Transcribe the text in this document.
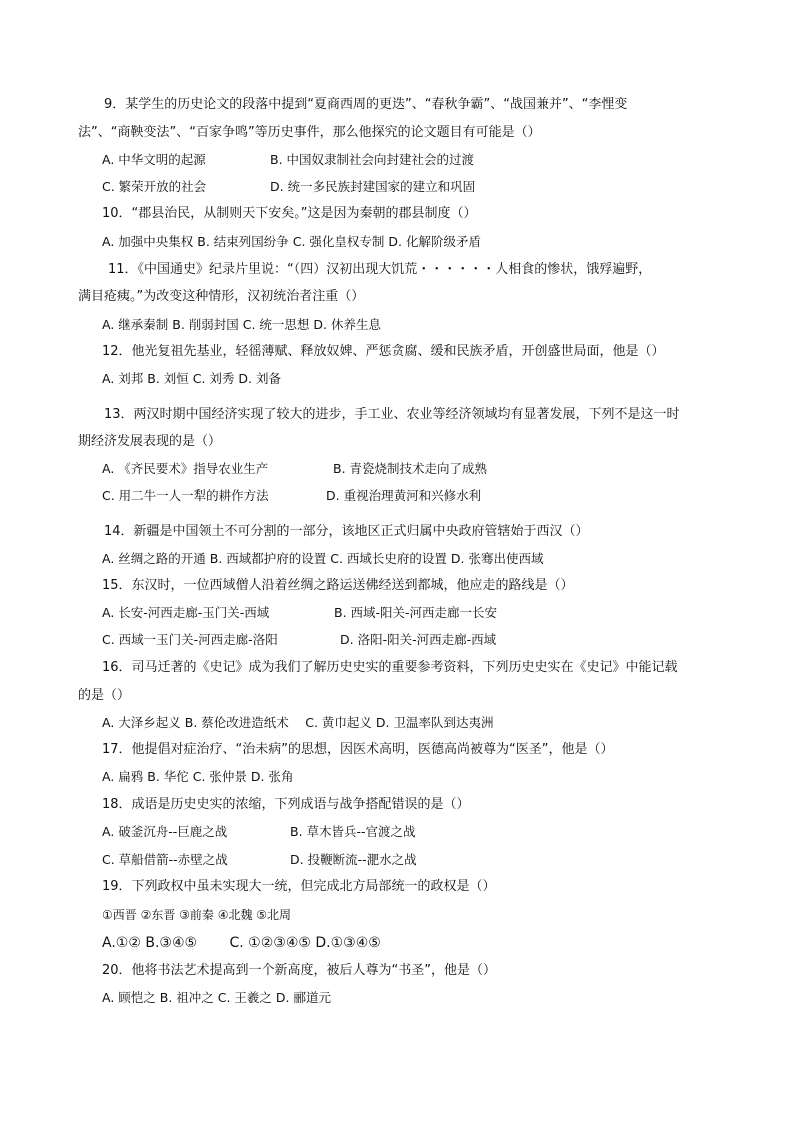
9．某学生的历史论文的段落中提到“夏商西周的更迭”、“春秋争霸”、“战国兼并”、“李悝变
法”、“商鞅变法”、“百家争鸣”等历史事件，那么他探究的论文题目有可能是（）
A. 中华文明的起源	B. 中国奴隶制社会向封建社会的过渡
C. 繁荣开放的社会	D. 统一多民族封建国家的建立和巩固
10．“郡县治民，从制则天下安矣。”这是因为秦朝的郡县制度（）
A. 加强中央集权 B. 结束列国纷争 C. 强化皇权专制 D. 化解阶级矛盾
11．《中国通史》纪录片里说：“（四）汉初出现大饥荒・・・・・・人相食的惨状，饿殍遍野，
满目疮痍。”为改变这种情形，汉初统治者注重（）
A. 继承秦制 B. 削弱封国 C. 统一思想 D. 休养生息
12．他光复祖先基业，轻徭薄赋、释放奴婢、严惩贪腐、缓和民族矛盾，开创盛世局面，他是（）
A. 刘邦 B. 刘恒 C. 刘秀 D. 刘备
13．两汉时期中国经济实现了较大的进步，手工业、农业等经济领域均有显著发展，下列不是这一时
期经济发展表现的是（）
A. 《齐民要术》指导农业生产	B. 青瓷烧制技术走向了成熟
C. 用二牛一人一犁的耕作方法	D. 重视治理黄河和兴修水利
14．新疆是中国领土不可分割的一部分，该地区正式归属中央政府管辖始于西汉（）
A. 丝绸之路的开通 B. 西域都护府的设置 C. 西域长史府的设置 D. 张骞出使西域
15．东汉时，一位西域僧人沿着丝绸之路运送佛经送到都城，他应走的路线是（）
A. 长安-河西走廊-玉门关-西域	B. 西域-阳关-河西走廊一长安
C. 西域一玉门关-河西走廊-洛阳	D. 洛阳-阳关-河西走廊-西域
16．司马迁著的《史记》成为我们了解历史史实的重要参考资料，下列历史史实在《史记》中能记载
的是（）
A. 大泽乡起义 B. 蔡伦改进造纸术　 C. 黄巾起义 D. 卫温率队到达夷洲
17．他提倡对症治疗、“治未病”的思想，因医术高明，医德高尚被尊为“医圣”，他是（）
A. 扁鸦 B. 华佗 C. 张仲景 D. 张角
18．成语是历史史实的浓缩，下列成语与战争搭配错误的是（）
A. 破釜沉舟--巨鹿之战	B. 草木皆兵--官渡之战
C. 草船借箭--赤壁之战	D. 投鞭断流--淝水之战
19．下列政权中虽未实现大一统，但完成北方局部统一的政权是（）
①西晋 ②东晋 ③前秦 ④北魏 ⑤北周
A.①② B.③④⑤　　 C. ①②③④⑤ D.①③④⑤
20．他将书法艺术提高到一个新高度，被后人尊为“书圣”，他是（）
A. 顾恺之 B. 祖冲之 C. 王羲之 D. 郦道元
